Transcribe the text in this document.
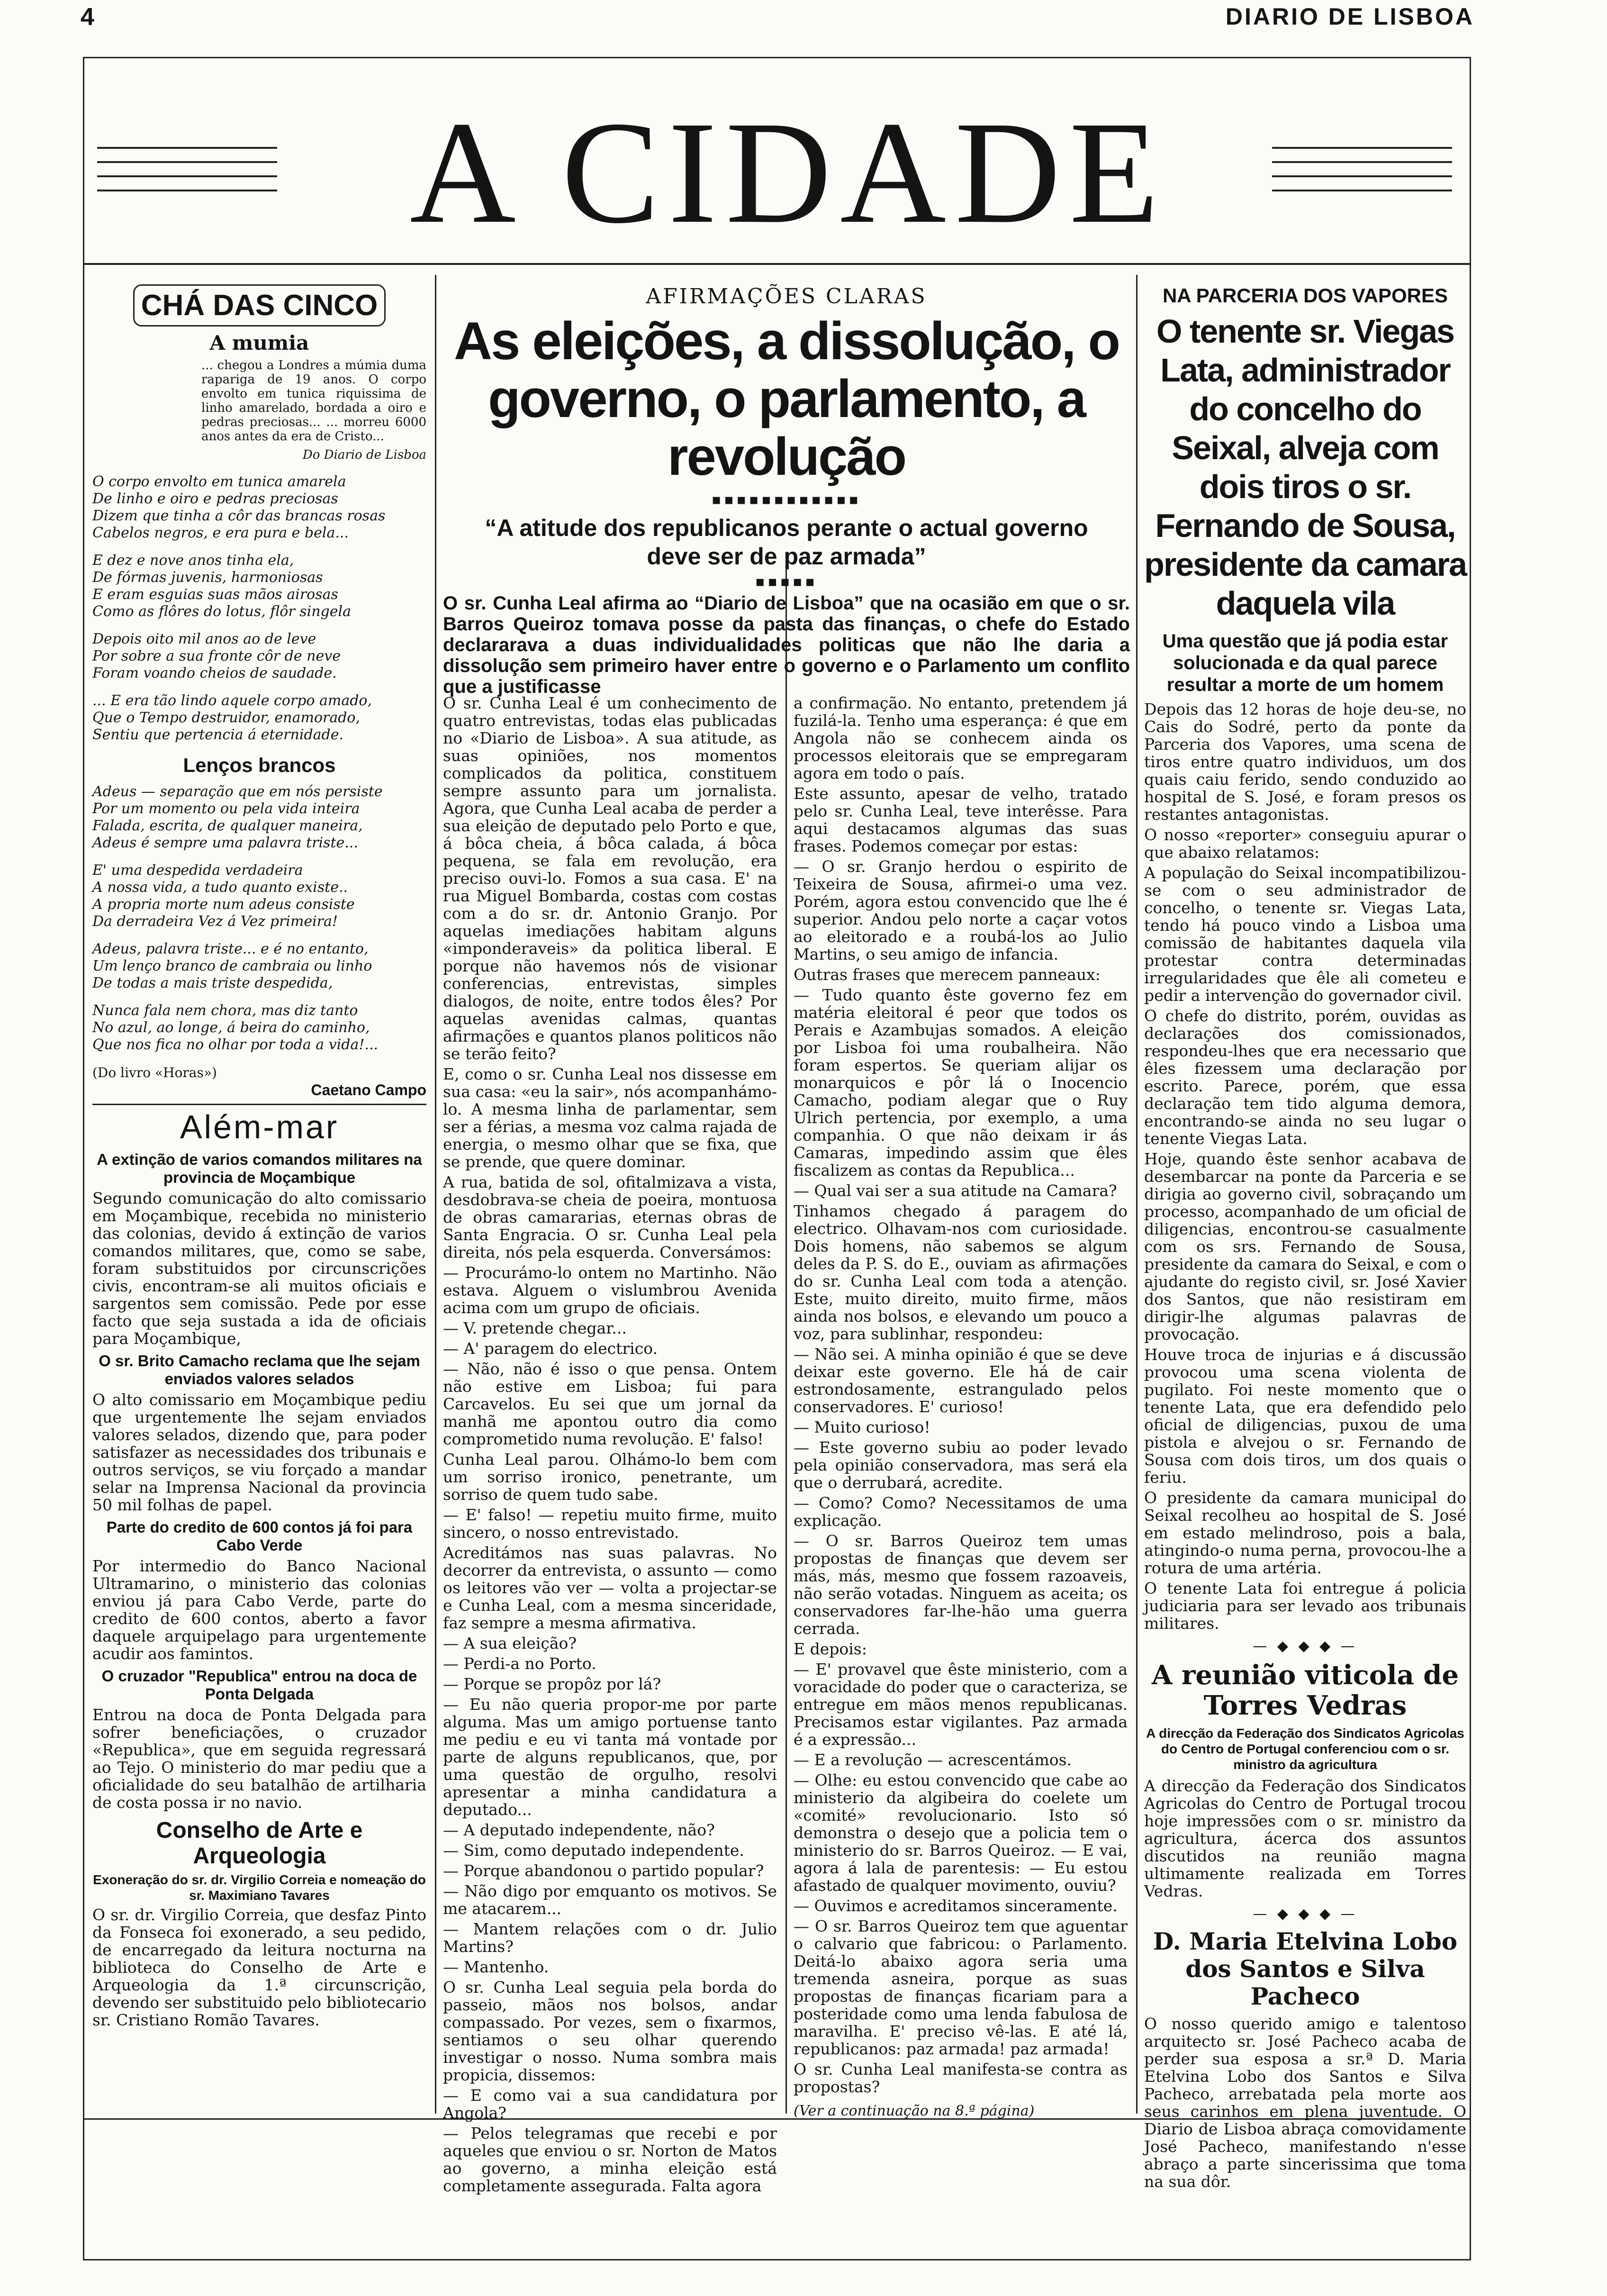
4	DIARIO DE LISBOA
A CIDADE
CHÁ DAS CINCO
A mumia

... chegou a Londres a múmia duma rapariga de 19 anos. O corpo envolto em tunica riquissima de linho amarelado, bordada a oiro e pedras preciosas... ... morreu 6000 anos antes da era de Cristo...

Do Diario de Lisboa

O corpo envolto em tunica amarela

De linho e oiro e pedras preciosas

Dizem que tinha a côr das brancas rosas

Cabelos negros, e era pura e bela...

E dez e nove anos tinha ela,

De fórmas juvenis, harmoniosas

E eram esguias suas mãos airosas

Como as flôres do lotus, flôr singela

Depois oito mil anos ao de leve

Por sobre a sua fronte côr de neve

Foram voando cheios de saudade.

... E era tão lindo aquele corpo amado,

Que o Tempo destruidor, enamorado,

Sentiu que pertencia á eternidade.

Lenços brancos

Adeus — separação que em nós persiste

Por um momento ou pela vida inteira

Falada, escrita, de qualquer maneira,

Adeus é sempre uma palavra triste...

E' uma despedida verdadeira

A nossa vida, a tudo quanto existe..

A propria morte num adeus consiste

Da derradeira Vez á Vez primeira!

Adeus, palavra triste... e é no entanto,

Um lenço branco de cambraia ou linho

De todas a mais triste despedida,

Nunca fala nem chora, mas diz tanto

No azul, ao longe, á beira do caminho,

Que nos fica no olhar por toda a vida!...

(Do livro «Horas»)

Caetano Campo

Além-mar
A extinção de varios comandos militares na provincia de Moçambique

Segundo comunicação do alto comissario em Moçambique, recebida no ministerio das colonias, devido á extinção de varios comandos militares, que, como se sabe, foram substituidos por circunscrições civis, encontram-se ali muitos oficiais e sargentos sem comissão. Pede por esse facto que seja sustada a ida de oficiais para Moçambique,

O sr. Brito Camacho reclama que lhe sejam enviados valores selados

O alto comissario em Moçambique pediu que urgentemente lhe sejam enviados valores selados, dizendo que, para poder satisfazer as necessidades dos tribunais e outros serviços, se viu forçado a mandar selar na Imprensa Nacional da provincia 50 mil folhas de papel.

Parte do credito de 600 contos já foi para Cabo Verde

Por intermedio do Banco Nacional Ultramarino, o ministerio das colonias enviou já para Cabo Verde, parte do credito de 600 contos, aberto a favor daquele arquipelago para urgentemente acudir aos famintos.

O cruzador "Republica" entrou na doca de Ponta Delgada

Entrou na doca de Ponta Delgada para sofrer beneficiações, o cruzador «Republica», que em seguida regressará ao Tejo. O ministerio do mar pediu que a oficialidade do seu batalhão de artilharia de costa possa ir no navio.

Conselho de Arte e Arqueologia
Exoneração do sr. dr. Virgilio Correia e nomeação do sr. Maximiano Tavares

O sr. dr. Virgilio Correia, que desfaz Pinto da Fonseca foi exonerado, a seu pedido, de encarregado da leitura nocturna na biblioteca do Conselho de Arte e Arqueologia da 1.ª circunscrição, devendo ser substituido pelo bibliotecario sr. Cristiano Romão Tavares.

AFIRMAÇÕES CLARAS
As eleições, a dissolução, o governo, o parlamento, a revolução
▪▪▪▪▪▪▪▪▪▪▪▪
“A atitude dos republicanos perante o actual governo deve ser de paz armada”
▪▪▪▪▪
O sr. Cunha Leal afirma ao “Diario de Lisboa” que na ocasião em que o sr. Barros Queiroz tomava posse da pasta das finanças, o chefe do Estado declararava a duas individualidades politicas que não lhe daria a dissolução sem primeiro haver entre o governo e o Parlamento um conflito que a justificasse

O sr. Cunha Leal é um conhecimento de quatro entrevistas, todas elas publicadas no «Diario de Lisboa». A sua atitude, as suas opiniões, nos momentos complicados da politica, constituem sempre assunto para um jornalista. Agora, que Cunha Leal acaba de perder a sua eleição de deputado pelo Porto e que, á bôca cheia, á bôca calada, á bôca pequena, se fala em revolução, era preciso ouvi-lo. Fomos a sua casa. E' na rua Miguel Bombarda, costas com costas com a do sr. dr. Antonio Granjo. Por aquelas imediações habitam alguns «imponderaveis» da politica liberal. E porque não havemos nós de visionar conferencias, entrevistas, simples dialogos, de noite, entre todos êles? Por aquelas avenidas calmas, quantas afirmações e quantos planos politicos não se terão feito?

E, como o sr. Cunha Leal nos dissesse em sua casa: «eu la sair», nós acompanhámo-lo. A mesma linha de parlamentar, sem ser a férias, a mesma voz calma rajada de energia, o mesmo olhar que se fixa, que se prende, que quere dominar.

A rua, batida de sol, ofitalmizava a vista, desdobrava-se cheia de poeira, montuosa de obras camararias, eternas obras de Santa Engracia. O sr. Cunha Leal pela direita, nós pela esquerda. Conversámos:

— Procurámo-lo ontem no Martinho. Não estava. Alguem o vislumbrou Avenida acima com um grupo de oficiais.

— V. pretende chegar...

— A' paragem do electrico.

— Não, não é isso o que pensa. Ontem não estive em Lisboa; fui para Carcavelos. Eu sei que um jornal da manhã me apontou outro dia como comprometido numa revolução. E' falso!

Cunha Leal parou. Olhámo-lo bem com um sorriso ironico, penetrante, um sorriso de quem tudo sabe.

— E' falso! — repetiu muito firme, muito sincero, o nosso entrevistado.

Acreditámos nas suas palavras. No decorrer da entrevista, o assunto — como os leitores vão ver — volta a projectar-se e Cunha Leal, com a mesma sinceridade, faz sempre a mesma afirmativa.

— A sua eleição?

— Perdi-a no Porto.

— Porque se propôz por lá?

— Eu não queria propor-me por parte alguma. Mas um amigo portuense tanto me pediu e eu vi tanta má vontade por parte de alguns republicanos, que, por uma questão de orgulho, resolvi apresentar a minha candidatura a deputado...

— A deputado independente, não?

— Sim, como deputado independente.

— Porque abandonou o partido popular?

— Não digo por emquanto os motivos. Se me atacarem...

— Mantem relações com o dr. Julio Martins?

— Mantenho.

O sr. Cunha Leal seguia pela borda do passeio, mãos nos bolsos, andar compassado. Por vezes, sem o fixarmos, sentiamos o seu olhar querendo investigar o nosso. Numa sombra mais propicia, dissemos:

— E como vai a sua candidatura por Angola?

— Pelos telegramas que recebi e por aqueles que enviou o sr. Norton de Matos ao governo, a minha eleição está completamente assegurada. Falta agora

a confirmação. No entanto, pretendem já fuzilá-la. Tenho uma esperança: é que em Angola não se conhecem ainda os processos eleitorais que se empregaram agora em todo o país.

Este assunto, apesar de velho, tratado pelo sr. Cunha Leal, teve interêsse. Para aqui destacamos algumas das suas frases. Podemos começar por estas:

— O sr. Granjo herdou o espirito de Teixeira de Sousa, afirmei-o uma vez. Porém, agora estou convencido que lhe é superior. Andou pelo norte a caçar votos ao eleitorado e a roubá-los ao Julio Martins, o seu amigo de infancia.

Outras frases que merecem panneaux:

— Tudo quanto êste governo fez em matéria eleitoral é peor que todos os Perais e Azambujas somados. A eleição por Lisboa foi uma roubalheira. Não foram espertos. Se queriam alijar os monarquicos e pôr lá o Inocencio Camacho, podiam alegar que o Ruy Ulrich pertencia, por exemplo, a uma companhia. O que não deixam ir ás Camaras, impedindo assim que êles fiscalizem as contas da Republica...

— Qual vai ser a sua atitude na Camara?

Tinhamos chegado á paragem do electrico. Olhavam-nos com curiosidade. Dois homens, não sabemos se algum deles da P. S. do E., ouviam as afirmações do sr. Cunha Leal com toda a atenção. Este, muito direito, muito firme, mãos ainda nos bolsos, e elevando um pouco a voz, para sublinhar, respondeu:

— Não sei. A minha opinião é que se deve deixar este governo. Ele há de cair estrondosamente, estrangulado pelos conservadores. E' curioso!

— Muito curioso!

— Este governo subiu ao poder levado pela opinião conservadora, mas será ela que o derrubará, acredite.

— Como? Como? Necessitamos de uma explicação.

— O sr. Barros Queiroz tem umas propostas de finanças que devem ser más, más, mesmo que fossem razoaveis, não serão votadas. Ninguem as aceita; os conservadores far-lhe-hão uma guerra cerrada.

E depois:

— E' provavel que êste ministerio, com a voracidade do poder que o caracteriza, se entregue em mãos menos republicanas. Precisamos estar vigilantes. Paz armada é a expressão...

— E a revolução — acrescentámos.

— Olhe: eu estou convencido que cabe ao ministerio da algibeira do coelete um «comité» revolucionario. Isto só demonstra o desejo que a policia tem o ministerio do sr. Barros Queiroz. — E vai, agora á lala de parentesis: — Eu estou afastado de qualquer movimento, ouviu?

— Ouvimos e acreditamos sinceramente.

— O sr. Barros Queiroz tem que aguentar o calvario que fabricou: o Parlamento. Deitá-lo abaixo agora seria uma tremenda asneira, porque as suas propostas de finanças ficariam para a posteridade como uma lenda fabulosa de maravilha. E' preciso vê-las. E até lá, republicanos: paz armada! paz armada!

O sr. Cunha Leal manifesta-se contra as propostas?

(Ver a continuação na 8.ª página)

NA PARCERIA DOS VAPORES
O tenente sr. Viegas Lata, administrador do concelho do Seixal, alveja com dois tiros o sr. Fernando de Sousa, presidente da camara daquela vila
Uma questão que já podia estar solucionada e da qual parece resultar a morte de um homem

Depois das 12 horas de hoje deu-se, no Cais do Sodré, perto da ponte da Parceria dos Vapores, uma scena de tiros entre quatro individuos, um dos quais caiu ferido, sendo conduzido ao hospital de S. José, e foram presos os restantes antagonistas.

O nosso «reporter» conseguiu apurar o que abaixo relatamos:

A população do Seixal incompatibilizou-se com o seu administrador de concelho, o tenente sr. Viegas Lata, tendo há pouco vindo a Lisboa uma comissão de habitantes daquela vila protestar contra determinadas irregularidades que êle ali cometeu e pedir a intervenção do governador civil.

O chefe do distrito, porém, ouvidas as declarações dos comissionados, respondeu-lhes que era necessario que êles fizessem uma declaração por escrito. Parece, porém, que essa declaração tem tido alguma demora, encontrando-se ainda no seu lugar o tenente Viegas Lata.

Hoje, quando êste senhor acabava de desembarcar na ponte da Parceria e se dirigia ao governo civil, sobraçando um processo, acompanhado de um oficial de diligencias, encontrou-se casualmente com os srs. Fernando de Sousa, presidente da camara do Seixal, e com o ajudante do registo civil, sr. José Xavier dos Santos, que não resistiram em dirigir-lhe algumas palavras de provocação.

Houve troca de injurias e á discussão provocou uma scena violenta de pugilato. Foi neste momento que o tenente Lata, que era defendido pelo oficial de diligencias, puxou de uma pistola e alvejou o sr. Fernando de Sousa com dois tiros, um dos quais o feriu.

O presidente da camara municipal do Seixal recolheu ao hospital de S. José em estado melindroso, pois a bala, atingindo-o numa perna, provocou-lhe a rotura de uma artéria.

O tenente Lata foi entregue á policia judiciaria para ser levado aos tribunais militares.

— ◆ ◆ ◆ —
A reunião viticola de Torres Vedras
A direcção da Federação dos Sindicatos Agricolas do Centro de Portugal conferenciou com o sr. ministro da agricultura

A direcção da Federação dos Sindicatos Agricolas do Centro de Portugal trocou hoje impressões com o sr. ministro da agricultura, ácerca dos assuntos discutidos na reunião magna ultimamente realizada em Torres Vedras.

— ◆ ◆ ◆ —
D. Maria Etelvina Lobo dos Santos e Silva Pacheco

O nosso querido amigo e talentoso arquitecto sr. José Pacheco acaba de perder sua esposa a sr.ª D. Maria Etelvina Lobo dos Santos e Silva Pacheco, arrebatada pela morte aos seus carinhos em plena juventude. O Diario de Lisboa abraça comovidamente José Pacheco, manifestando n'esse abraço a parte sincerissima que toma na sua dôr.
